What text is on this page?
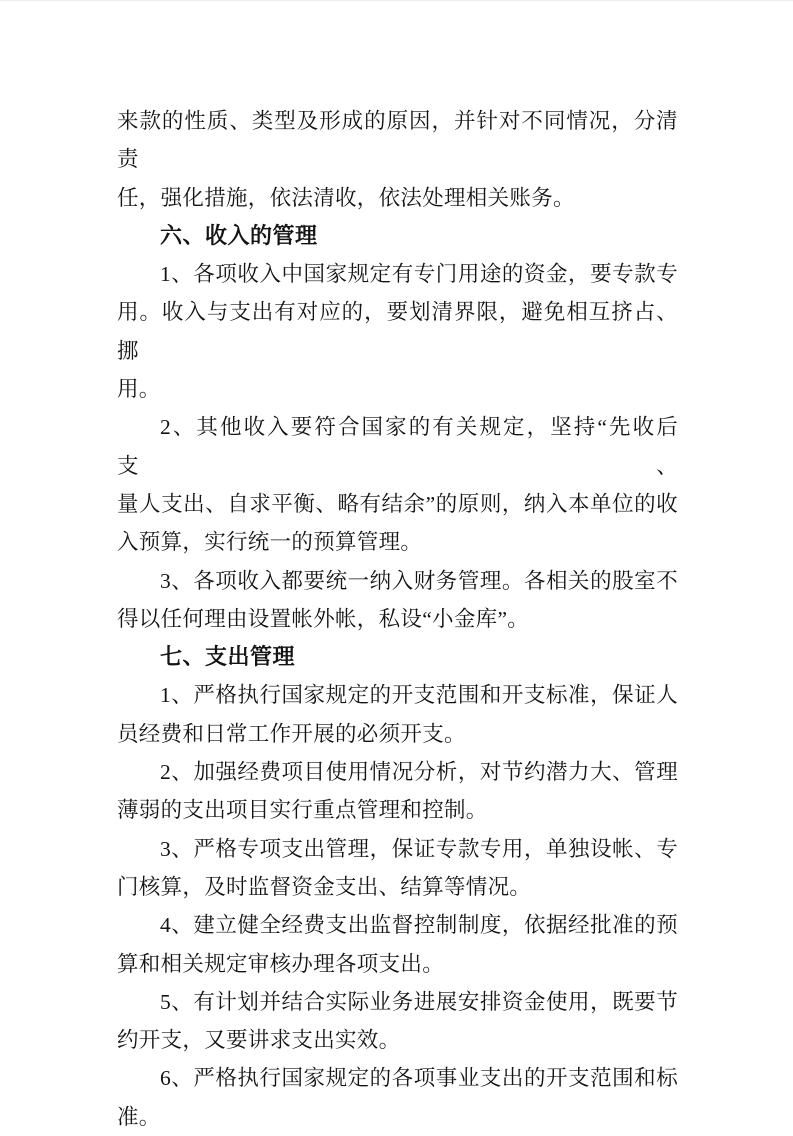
来款的性质、类型及形成的原因，并针对不同情况，分清责
任，强化措施，依法清收，依法处理相关账务。
六、收入的管理
1、各项收入中国家规定有专门用途的资金，要专款专
用。收入与支出有对应的，要划清界限，避免相互挤占、挪
用。
2、其他收入要符合国家的有关规定，坚持“先收后支、
量人支出、自求平衡、略有结余”的原则，纳入本单位的收
入预算，实行统一的预算管理。
3、各项收入都要统一纳入财务管理。各相关的股室不
得以任何理由设置帐外帐，私设“小金库”。
七、支出管理
1、严格执行国家规定的开支范围和开支标准，保证人
员经费和日常工作开展的必须开支。
2、加强经费项目使用情况分析，对节约潜力大、管理
薄弱的支出项目实行重点管理和控制。
3、严格专项支出管理，保证专款专用，单独设帐、专
门核算，及时监督资金支出、结算等情况。
4、建立健全经费支出监督控制制度，依据经批准的预
算和相关规定审核办理各项支出。
5、有计划并结合实际业务进展安排资金使用，既要节
约开支，又要讲求支出实效。
6、严格执行国家规定的各项事业支出的开支范围和标
准。
